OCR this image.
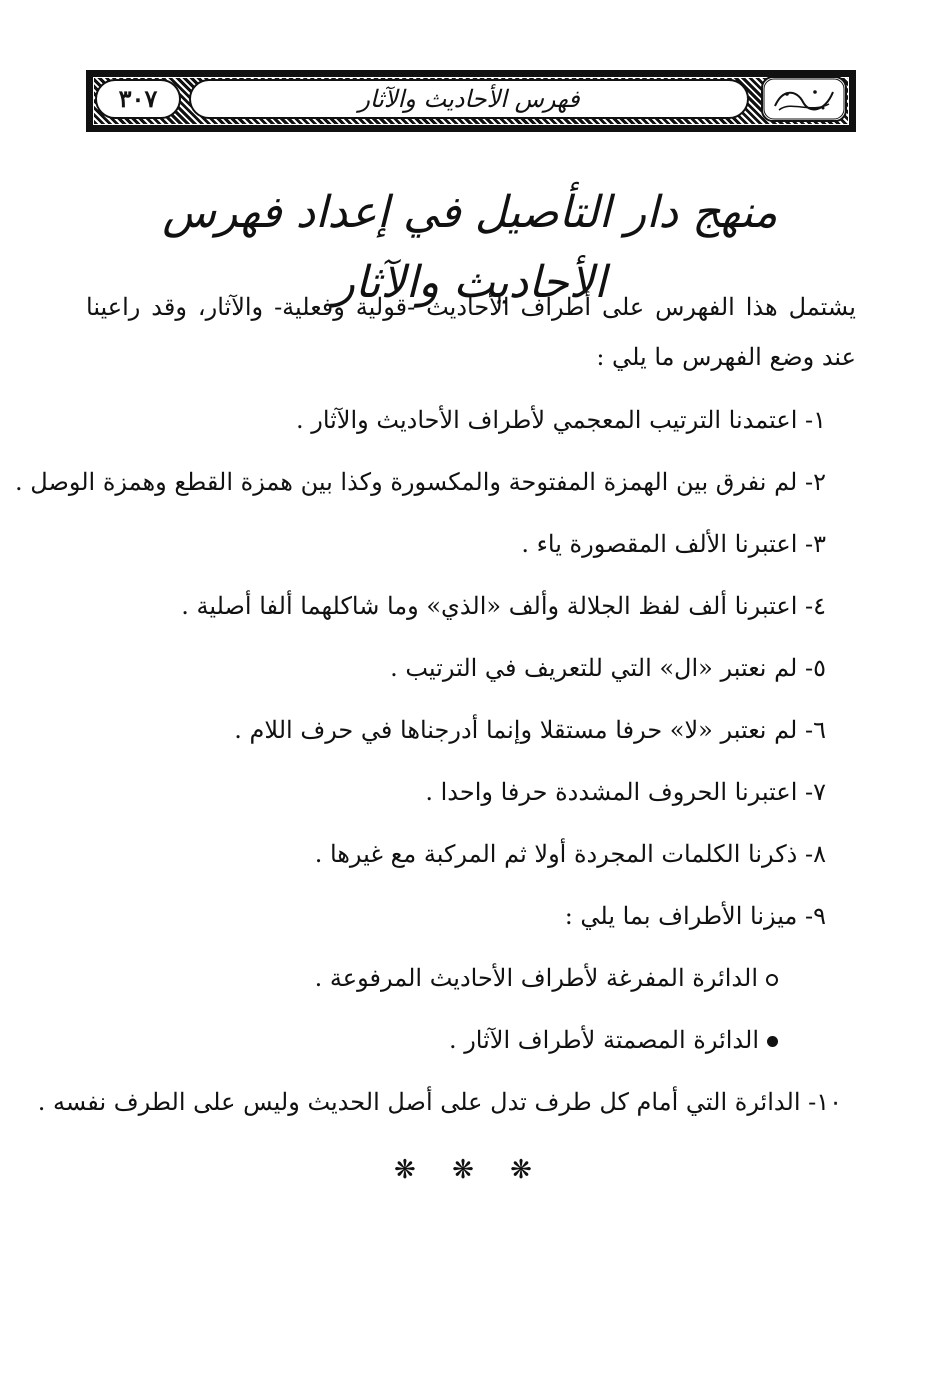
٣٠٧	فهرس الأحاديث والآثار
منهج دار التأصيل في إعداد فهرس الأحاديث والآثار

يشتمل هذا الفهرس على أطراف الأحاديث -قولية وفعلية- والآثار، وقد راعينا عند وضع الفهرس ما يلي :

١- اعتمدنا الترتيب المعجمي لأطراف الأحاديث والآثار .

٢- لم نفرق بين الهمزة المفتوحة والمكسورة وكذا بين همزة القطع وهمزة الوصل .

٣- اعتبرنا الألف المقصورة ياء .

٤- اعتبرنا ألف لفظ الجلالة وألف «الذي» وما شاكلهما ألفا أصلية .

٥- لم نعتبر «ال» التي للتعريف في الترتيب .

٦- لم نعتبر «لا» حرفا مستقلا وإنما أدرجناها في حرف اللام .

٧- اعتبرنا الحروف المشددة حرفا واحدا .

٨- ذكرنا الكلمات المجردة أولا ثم المركبة مع غيرها .

٩- ميزنا الأطراف بما يلي :

الدائرة المفرغة لأطراف الأحاديث المرفوعة .

الدائرة المصمتة لأطراف الآثار .

١٠- الدائرة التي أمام كل طرف تدل على أصل الحديث وليس على الطرف نفسه .

❋ ❋ ❋
